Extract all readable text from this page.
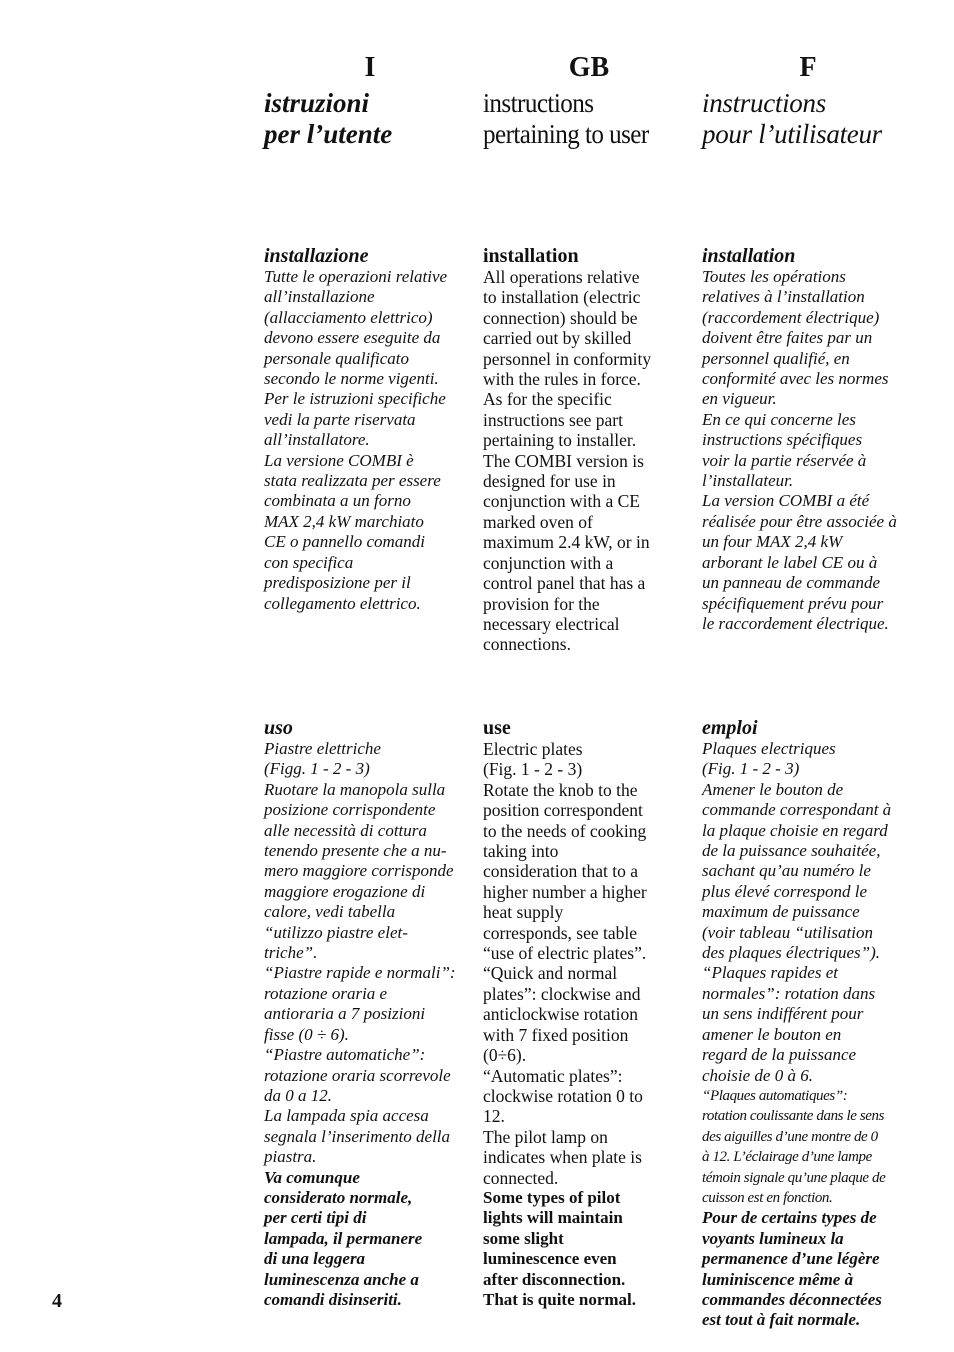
I
istruzioni
per l’utente
installazione
Tutte le operazioni relative
all’installazione
(allacciamento elettrico)
devono essere eseguite da
personale qualificato
secondo le norme vigenti.
Per le istruzioni specifiche
vedi la parte riservata
all’installatore.
La versione COMBI è
stata realizzata per essere
combinata a un forno
MAX 2,4 kW marchiato
CE o pannello comandi
con specifica
predisposizione per il
collegamento elettrico.
uso
Piastre elettriche
(Figg. 1 - 2 - 3)
Ruotare la manopola sulla
posizione corrispondente
alle necessità di cottura
tenendo presente che a nu-
mero maggiore corrisponde
maggiore erogazione di
calore, vedi tabella
“utilizzo piastre elet-
triche”.
“Piastre rapide e normali”:
rotazione oraria e
antioraria a 7 posizioni
fisse (0 ÷ 6).
“Piastre automatiche”:
rotazione oraria scorrevole
da 0 a 12.
La lampada spia accesa
segnala l’inserimento della
piastra.
Va comunque
considerato normale,
per certi tipi di
lampada, il permanere
di una leggera
luminescenza anche a
comandi disinseriti.
GB
instructions
pertaining to user
installation
All operations relative
to installation (electric
connection) should be
carried out by skilled
personnel in conformity
with the rules in force.
As for the specific
instructions see part
pertaining to installer.
The COMBI version is
designed for use in
conjunction with a CE
marked oven of
maximum 2.4 kW, or in
conjunction with a
control panel that has a
provision for the
necessary electrical
connections.
use
Electric plates
(Fig. 1 - 2 - 3)
Rotate the knob to the
position correspondent
to the needs of cooking
taking into
consideration that to a
higher number a higher
heat supply
corresponds, see table
“use of electric plates”.
“Quick and normal
plates”: clockwise and
anticlockwise rotation
with 7 fixed position
(0÷6).
“Automatic plates”:
clockwise rotation 0 to
12.
The pilot lamp on
indicates when plate is
connected.
Some types of pilot
lights will maintain
some slight
luminescence even
after disconnection.
That is quite normal.
F
instructions
pour l’utilisateur
installation
Toutes les opérations
relatives à l’installation
(raccordement électrique)
doivent être faites par un
personnel qualifié, en
conformité avec les normes
en vigueur.
En ce qui concerne les
instructions spécifiques
voir la partie réservée à
l’installateur.
La version COMBI a été
réalisée pour être associée à
un four MAX 2,4 kW
arborant le label CE ou à
un panneau de commande
spécifiquement prévu pour
le raccordement électrique.
emploi
Plaques electriques
(Fig. 1 - 2 - 3)
Amener le bouton de
commande correspondant à
la plaque choisie en regard
de la puissance souhaitée,
sachant qu’au numéro le
plus élevé correspond le
maximum de puissance
(voir tableau “utilisation
des plaques électriques”).
“Plaques rapides et
normales”: rotation dans
un sens indifférent pour
amener le bouton en
regard de la puissance
choisie de 0 à 6.
“Plaques automatiques”:
rotation coulissante dans le sens
des aiguilles d’une montre de 0
à 12. L’éclairage d’une lampe
témoin signale qu’une plaque de
cuisson est en fonction.
Pour de certains types de
voyants lumineux la
permanence d’une légère
luminiscence même à
commandes déconnectées
est tout à fait normale.
4
